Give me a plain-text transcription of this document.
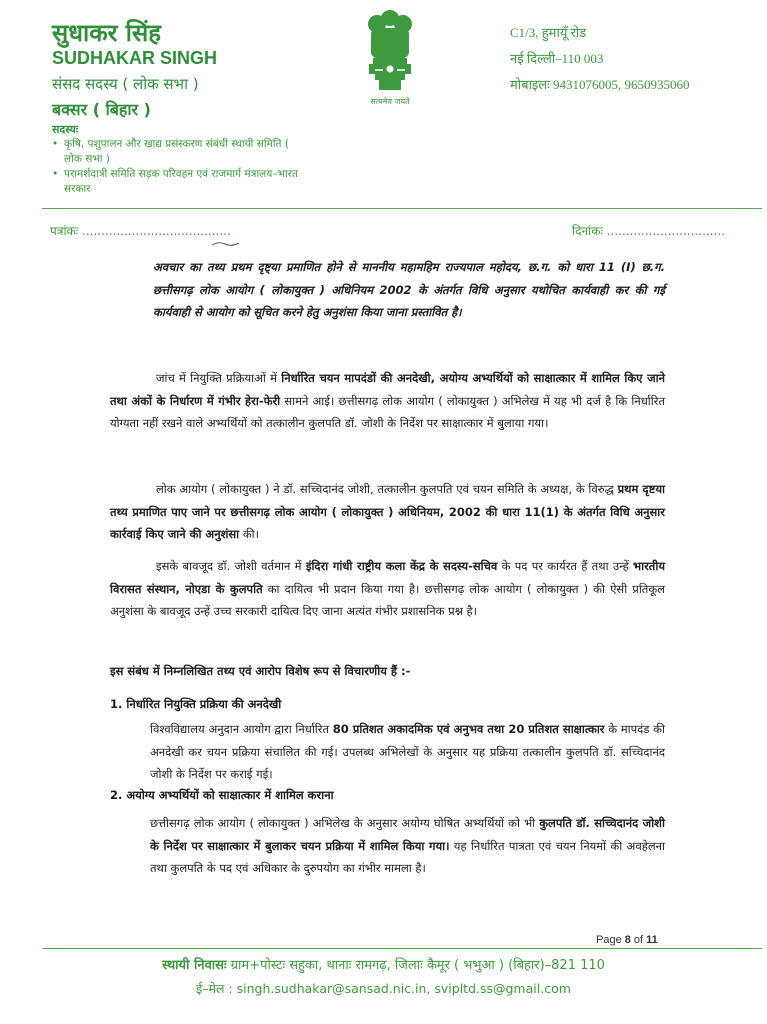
सुधाकर सिंह
SUDHAKAR SINGH
संसद सदस्य ( लोक सभा )
बक्सर ( बिहार )
सदस्यः
• कृषि, पशुपालन और खाद्य प्रसंस्करण संबंधी स्थायी समिति ( लोक सभा )
• परामर्शदात्री समिति सड़क परिवहन एवं राजमार्ग मंत्रालय–भारत सरकार
सत्यमेव जयते
C1/3, हुमायूँ रोड
नई दिल्ली–110 003
मोबाइलः 9431076005, 9650935060
पत्रांकः .......................................	दिनांकः ...............................
अवचार का तथ्य प्रथम दृष्ट्या प्रमाणित होने से माननीय महामहिम राज्यपाल महोदय, छ.ग. को धारा 11 (I) छ.ग. छत्तीसगढ़ लोक आयोग ( लोकायुक्त ) अधिनियम 2002 के अंतर्गत विधि अनुसार यथोचित कार्यवाही कर की गई कार्यवाही से आयोग को सूचित करने हेतु अनुशंसा किया जाना प्रस्तावित है।
जांच में नियुक्ति प्रक्रियाओं में निर्धारित चयन मापदंडों की अनदेखी, अयोग्य अभ्यर्थियों को साक्षात्कार में शामिल किए जाने तथा अंकों के निर्धारण में गंभीर हेरा-फेरी सामने आई। छत्तीसगढ़ लोक आयोग ( लोकायुक्त ) अभिलेख में यह भी दर्ज है कि निर्धारित योग्यता नहीं रखने वाले अभ्यर्थियों को तत्कालीन कुलपति डॉ. जोशी के निर्देश पर साक्षात्कार में बुलाया गया।
लोक आयोग ( लोकायुक्त ) ने डॉ. सच्चिदानंद जोशी, तत्कालीन कुलपति एवं चयन समिति के अध्यक्ष, के विरुद्ध प्रथम दृष्टया तथ्य प्रमाणित पाए जाने पर छत्तीसगढ़ लोक आयोग ( लोकायुक्त ) अधिनियम, 2002 की धारा 11(1) के अंतर्गत विधि अनुसार कार्रवाई किए जाने की अनुशंसा की।
इसके बावजूद डॉ. जोशी वर्तमान में इंदिरा गांधी राष्ट्रीय कला केंद्र के सदस्य-सचिव के पद पर कार्यरत हैं तथा उन्हें भारतीय विरासत संस्थान, नोएडा के कुलपति का दायित्व भी प्रदान किया गया है। छत्तीसगढ़ लोक आयोग ( लोकायुक्त ) की ऐसी प्रतिकूल अनुशंसा के बावजूद उन्हें उच्च सरकारी दायित्व दिए जाना अत्यंत गंभीर प्रशासनिक प्रश्न है।
इस संबंध में निम्नलिखित तथ्य एवं आरोप विशेष रूप से विचारणीय हैं :-
1. निर्धारित नियुक्ति प्रक्रिया की अनदेखी
विश्वविद्यालय अनुदान आयोग द्वारा निर्धारित 80 प्रतिशत अकादमिक एवं अनुभव तथा 20 प्रतिशत साक्षात्कार के मापदंड की अनदेखी कर चयन प्रक्रिया संचालित की गई। उपलब्ध अभिलेखों के अनुसार यह प्रक्रिया तत्कालीन कुलपति डॉ. सच्चिदानंद जोशी के निर्देश पर कराई गई।
2. अयोग्य अभ्यर्थियों को साक्षात्कार में शामिल कराना
छत्तीसगढ़ लोक आयोग ( लोकायुक्त ) अभिलेख के अनुसार अयोग्य घोषित अभ्यर्थियों को भी कुलपति डॉ. सच्चिदानंद जोशी के निर्देश पर साक्षात्कार में बुलाकर चयन प्रक्रिया में शामिल किया गया। यह निर्धारित पात्रता एवं चयन नियमों की अवहेलना तथा कुलपति के पद एवं अधिकार के दुरुपयोग का गंभीर मामला है।
Page 8 of 11
स्थायी निवासः ग्राम+पोस्टः सहुका, थानाः रामगढ़, जिलाः कैमूर ( भभुआ ) (बिहार)–821 110
ई–मेल : singh.sudhakar@sansad.nic.in, svipltd.ss@gmail.com
